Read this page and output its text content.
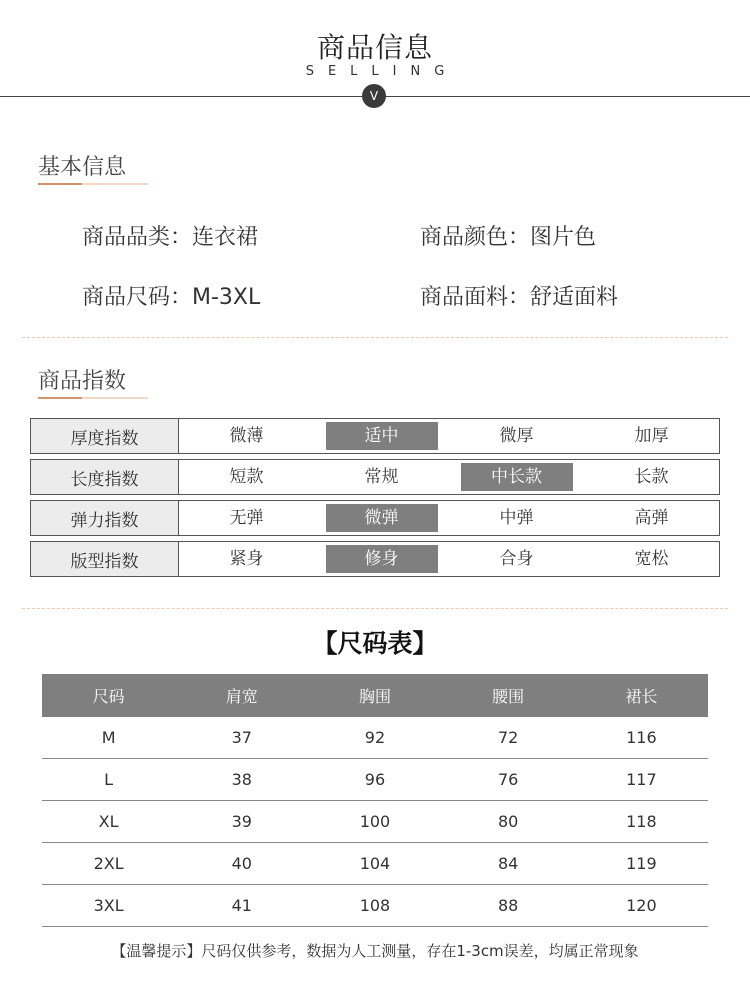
商品信息
SELLING
V
基本信息
商品品类：连衣裙	商品颜色：图片色
商品尺码：M-3XL	商品面料：舒适面料
商品指数
厚度指数	微薄	适中	微厚	加厚
长度指数	短款	常规	中长款	长款
弹力指数	无弹	微弹	中弹	高弹
版型指数	紧身	修身	合身	宽松
【尺码表】
尺码	肩宽	胸围	腰围	裙长
M	37	92	72	116
L	38	96	76	117
XL	39	100	80	118
2XL	40	104	84	119
3XL	41	108	88	120
【温馨提示】尺码仅供参考，数据为人工测量，存在1-3cm误差，均属正常现象
